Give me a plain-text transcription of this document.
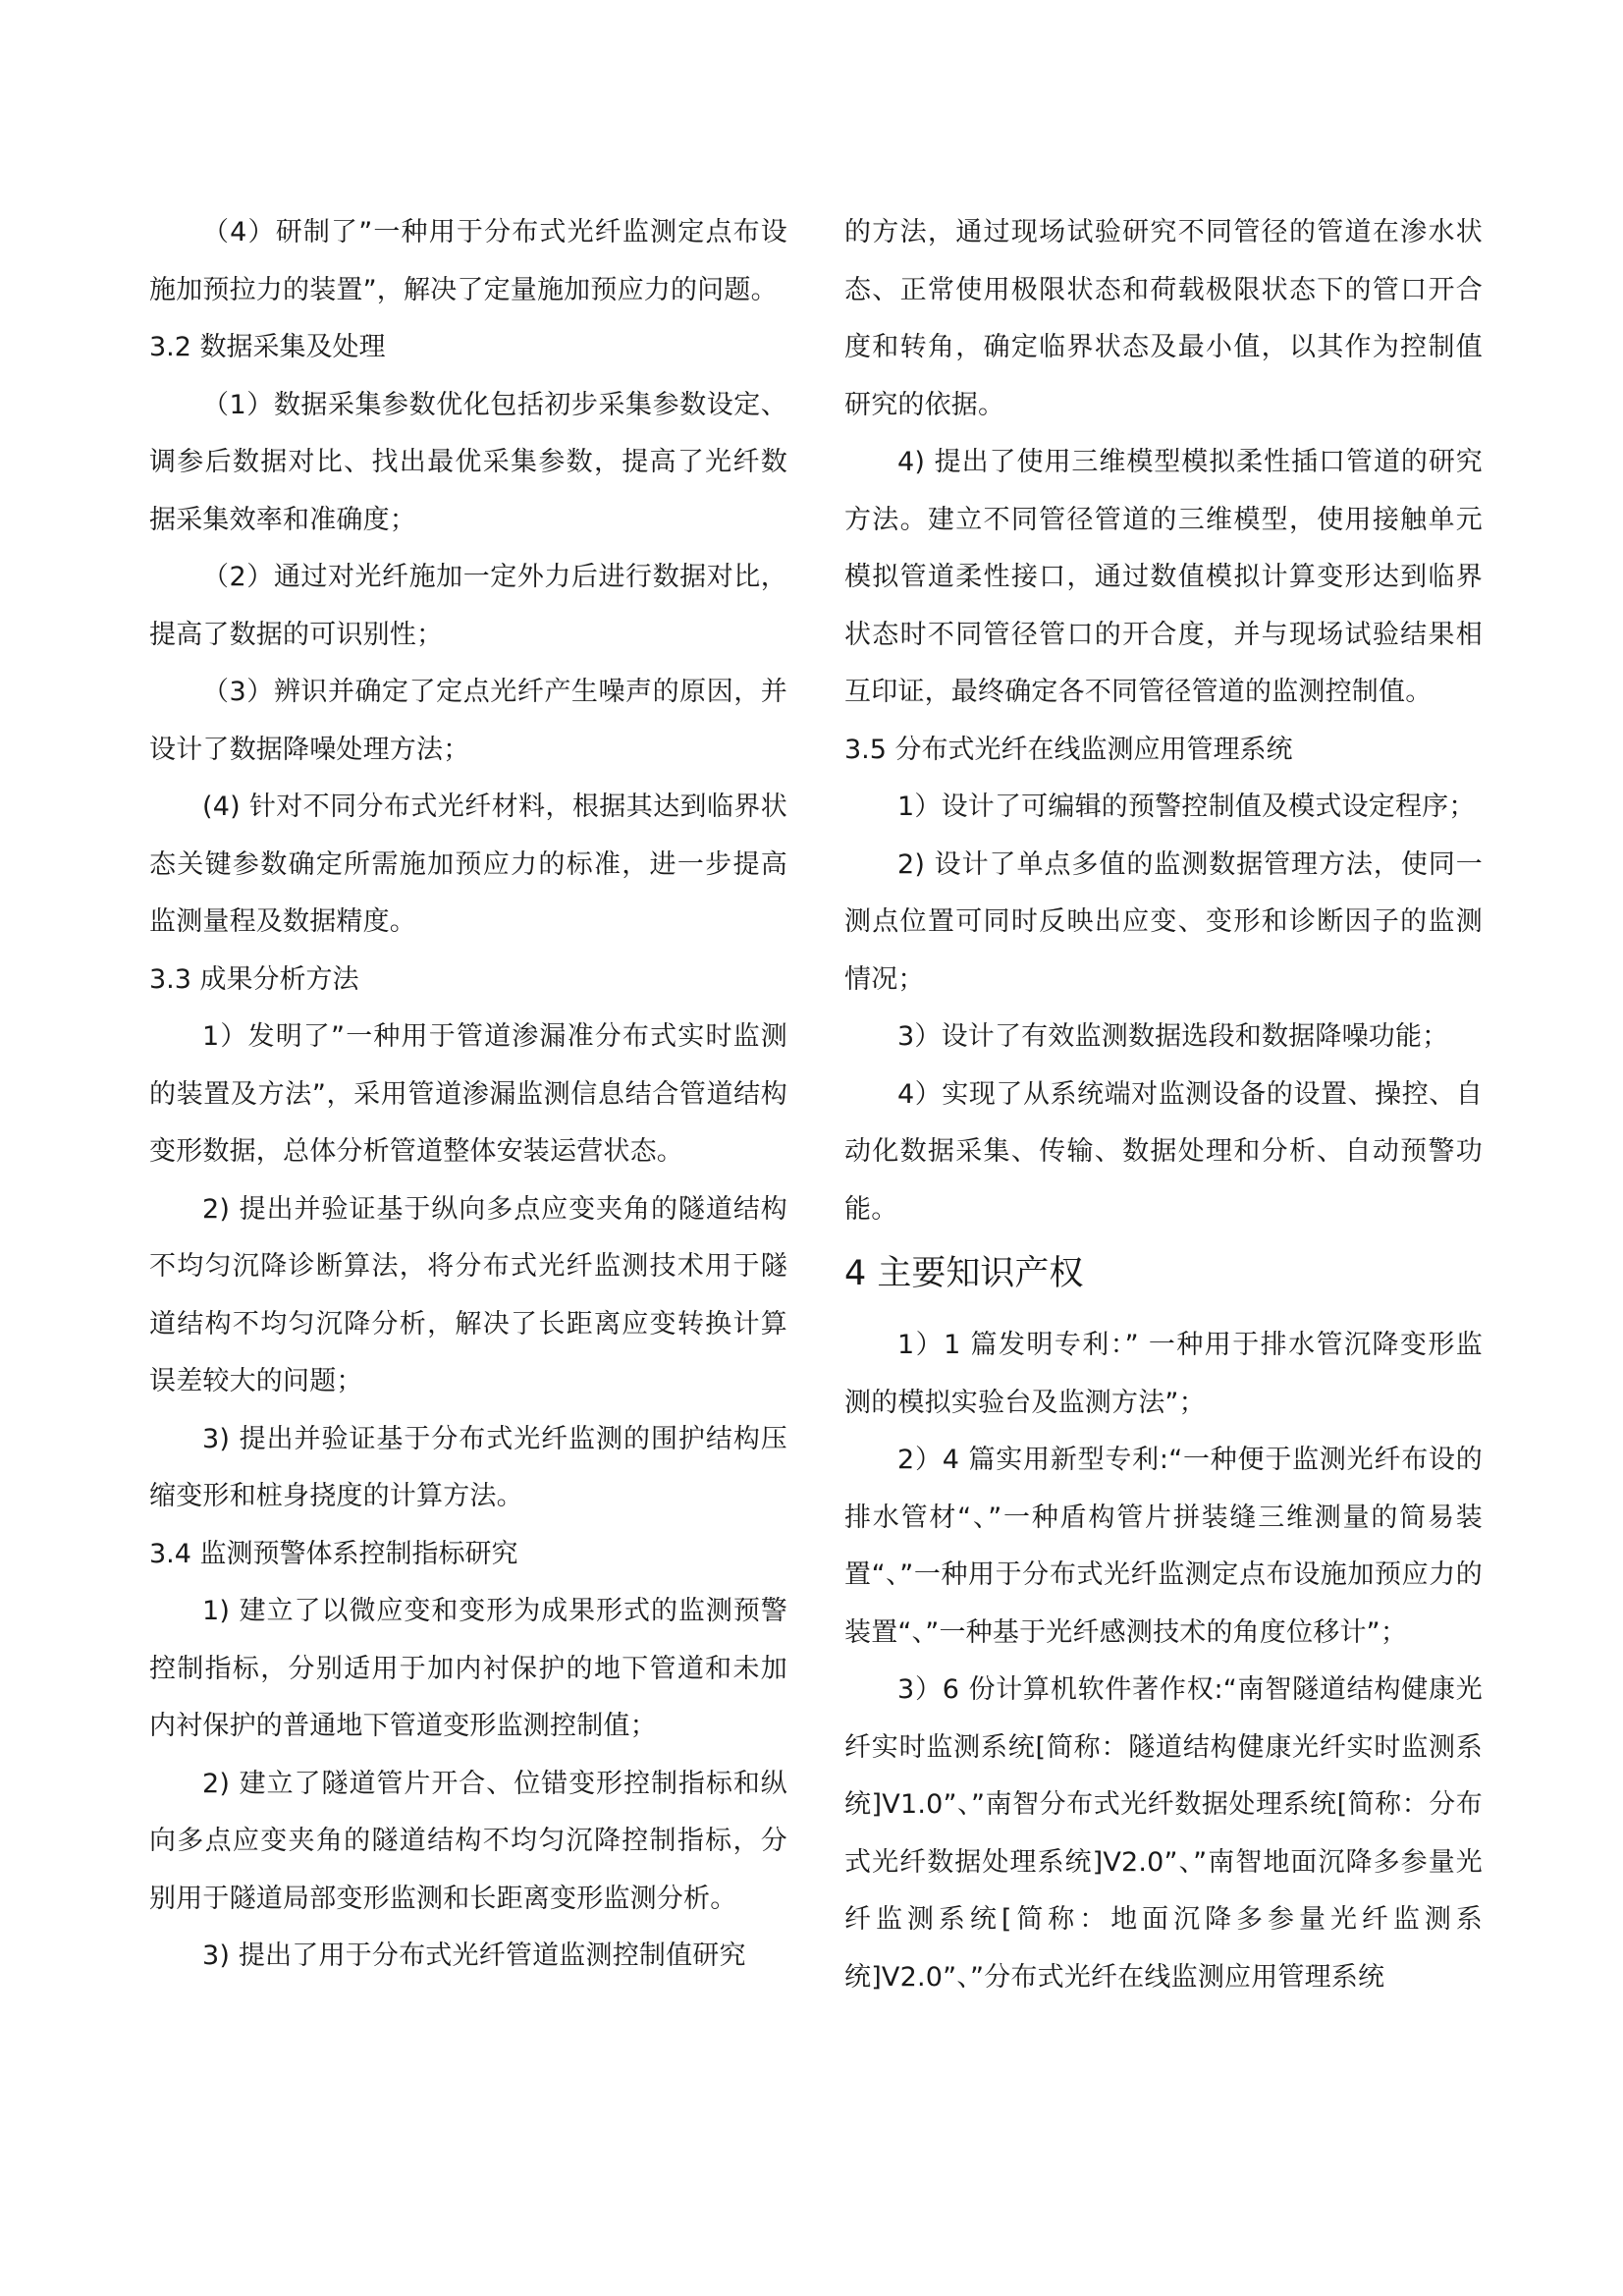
（4）研制了”一种用于分布式光纤监测定点布设施加预拉力的装置”，解决了定量施加预应力的问题。

3.2 数据采集及处理

（1）数据采集参数优化包括初步采集参数设定、调参后数据对比、找出最优采集参数，提高了光纤数据采集效率和准确度；

（2）通过对光纤施加一定外力后进行数据对比，提高了数据的可识别性；

（3）辨识并确定了定点光纤产生噪声的原因，并设计了数据降噪处理方法；

(4) 针对不同分布式光纤材料，根据其达到临界状态关键参数确定所需施加预应力的标准，进一步提高监测量程及数据精度。

3.3 成果分析方法

1）发明了”一种用于管道渗漏准分布式实时监测的装置及方法”，采用管道渗漏监测信息结合管道结构变形数据，总体分析管道整体安装运营状态。

2) 提出并验证基于纵向多点应变夹角的隧道结构不均匀沉降诊断算法，将分布式光纤监测技术用于隧道结构不均匀沉降分析，解决了长距离应变转换计算误差较大的问题；

3) 提出并验证基于分布式光纤监测的围护结构压缩变形和桩身挠度的计算方法。

3.4 监测预警体系控制指标研究

1) 建立了以微应变和变形为成果形式的监测预警控制指标，分别适用于加内衬保护的地下管道和未加内衬保护的普通地下管道变形监测控制值；

2) 建立了隧道管片开合、位错变形控制指标和纵向多点应变夹角的隧道结构不均匀沉降控制指标，分别用于隧道局部变形监测和长距离变形监测分析。

3) 提出了用于分布式光纤管道监测控制值研究

的方法，通过现场试验研究不同管径的管道在渗水状态、正常使用极限状态和荷载极限状态下的管口开合度和转角，确定临界状态及最小值，以其作为控制值研究的依据。

4) 提出了使用三维模型模拟柔性插口管道的研究方法。建立不同管径管道的三维模型，使用接触单元模拟管道柔性接口，通过数值模拟计算变形达到临界状态时不同管径管口的开合度，并与现场试验结果相互印证，最终确定各不同管径管道的监测控制值。

3.5 分布式光纤在线监测应用管理系统

1）设计了可编辑的预警控制值及模式设定程序；

2) 设计了单点多值的监测数据管理方法，使同一测点位置可同时反映出应变、变形和诊断因子的监测情况；

3）设计了有效监测数据选段和数据降噪功能；

4）实现了从系统端对监测设备的设置、操控、自动化数据采集、传输、数据处理和分析、自动预警功能。

4 主要知识产权

1）1 篇发明专利：” 一种用于排水管沉降变形监测的模拟实验台及监测方法”；

2）4 篇实用新型专利:“一种便于监测光纤布设的排水管材“、”一种盾构管片拼装缝三维测量的简易装置“、”一种用于分布式光纤监测定点布设施加预应力的装置“、”一种基于光纤感测技术的角度位移计”；

3）6 份计算机软件著作权:“南智隧道结构健康光纤实时监测系统[简称：隧道结构健康光纤实时监测系统]V1.0”、”南智分布式光纤数据处理系统[简称：分布式光纤数据处理系统]V2.0”、”南智地面沉降多参量光纤监测系统[简称：地面沉降多参量光纤监测系统]V2.0”、”分布式光纤在线监测应用管理系统
